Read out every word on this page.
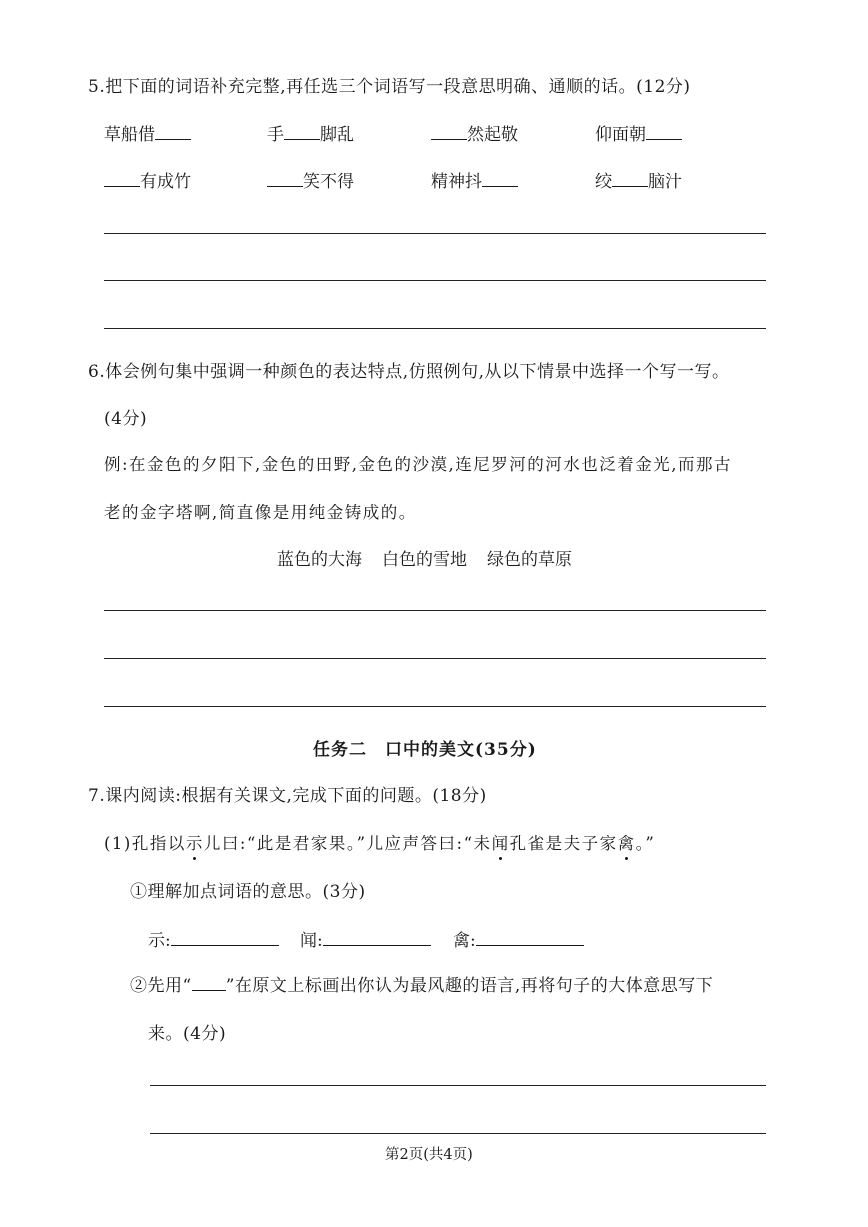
5.把下面的词语补充完整,再任选三个词语写一段意思明确、通顺的话。(12分)
草船借	手 脚乱	然起敬	仰面朝
有成竹	笑不得	精神抖	绞 脑汁
6.体会例句集中强调一种颜色的表达特点,仿照例句,从以下情景中选择一个写一写。
(4分)
例:在金色的夕阳下,金色的田野,金色的沙漠,连尼罗河的河水也泛着金光,而那古
老的金字塔啊,简直像是用纯金铸成的。
蓝色的大海 白色的雪地 绿色的草原
任务二　口中的美文(35分)
7.课内阅读:根据有关课文,完成下面的问题。(18分)
(1)孔指以示儿曰:“此是君家果。”儿应声答曰:“未闻孔雀是夫子家禽。”
①理解加点词语的意思。(3分)
示:	闻:	禽:
②先用“ ”在原文上标画出你认为最风趣的语言,再将句子的大体意思写下
来。(4分)
第2页(共4页)
